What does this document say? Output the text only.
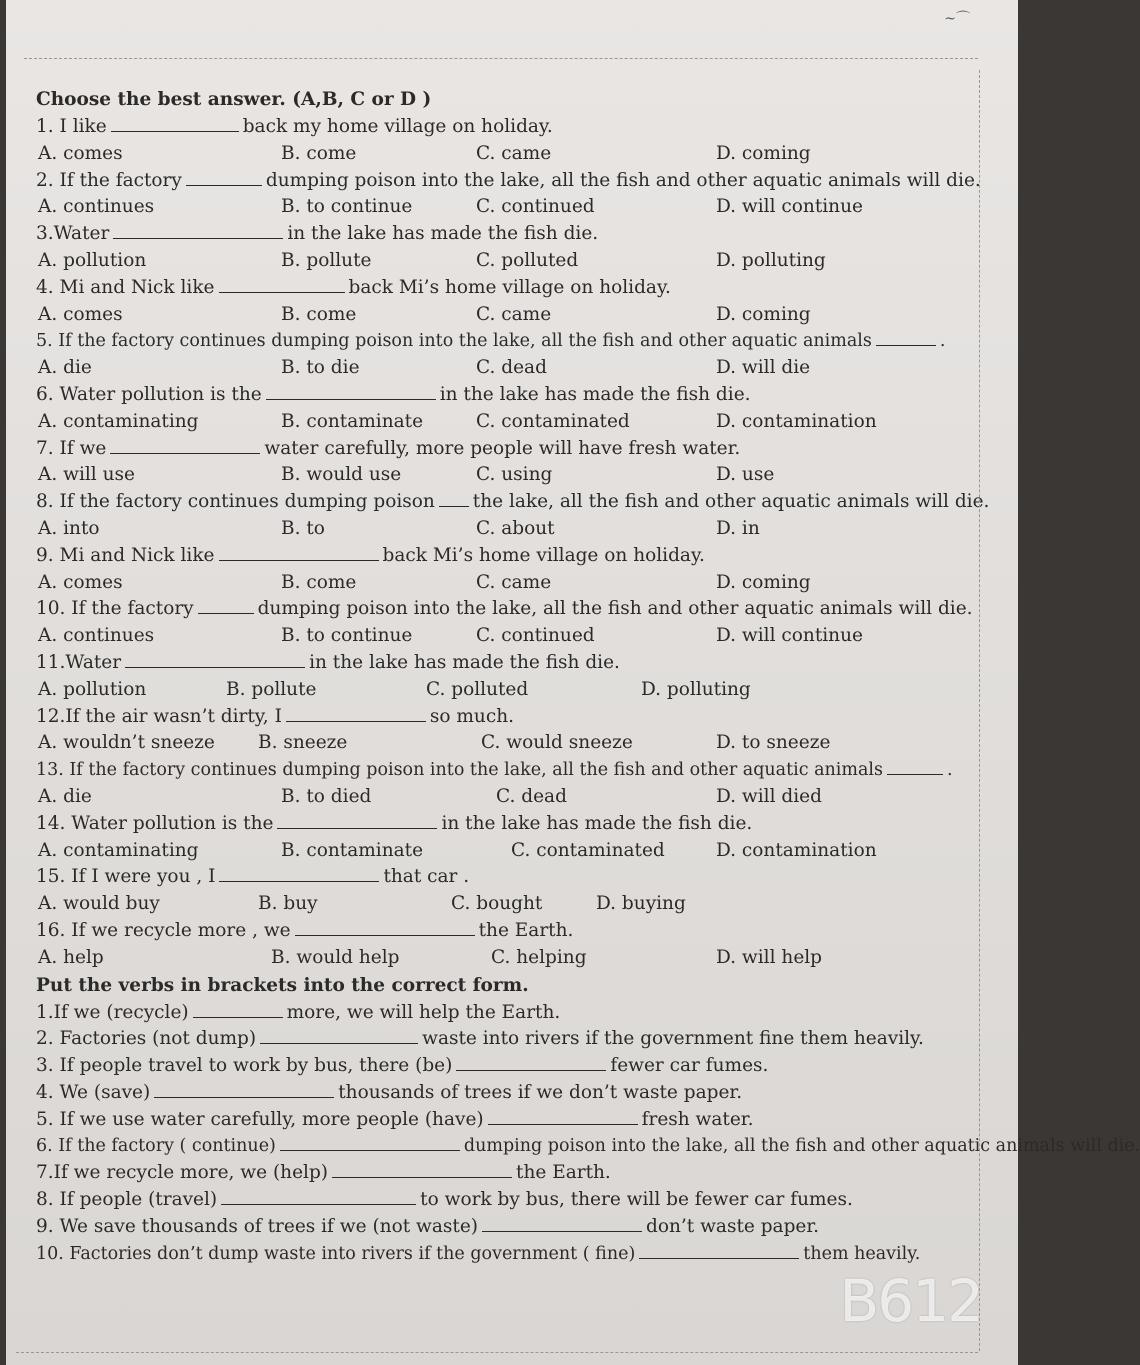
~⌒
Choose the best answer. (A,B, C or D )
1. I like	back my home village on holiday.
A. comes	B. come	C. came	D. coming
2. If the factory	dumping poison into the lake, all the fish and other aquatic animals will die.
A. continues	B. to continue	C. continued	D. will continue
3.Water	in the lake has made the fish die.
A. pollution	B. pollute	C. polluted	D. polluting
4. Mi and Nick like	back Mi’s home village on holiday.
A. comes	B. come	C. came	D. coming
5. If the factory continues dumping poison into the lake, all the fish and other aquatic animals	.
A. die	B. to die	C. dead	D. will die
6. Water pollution is the	in the lake has made the fish die.
A. contaminating	B. contaminate	C. contaminated	D. contamination
7. If we	water carefully, more people will have fresh water.
A. will use	B. would use	C. using	D. use
8. If the factory continues dumping poison the lake, all the fish and other aquatic animals will die.
A. into	B. to	C. about	D. in
9. Mi and Nick like	back Mi’s home village on holiday.
A. comes	B. come	C. came	D. coming
10. If the factory	dumping poison into the lake, all the fish and other aquatic animals will die.
A. continues	B. to continue	C. continued	D. will continue
11.Water	in the lake has made the fish die.
A. pollution	B. pollute	C. polluted	D. polluting
12.If the air wasn’t dirty, I	so much.
A. wouldn’t sneeze B. sneeze	C. would sneeze	D. to sneeze
13. If the factory continues dumping poison into the lake, all the fish and other aquatic animals	.
A. die	B. to died	C. dead	D. will died
14. Water pollution is the	in the lake has made the fish die.
A. contaminating	B. contaminate	C. contaminated	D. contamination
15. If I were you , I	that car .
A. would buy	B. buy	C. bought	D. buying
16. If we recycle more , we	the Earth.
A. help	B. would help	C. helping	D. will help
Put the verbs in brackets into the correct form.
1.If we (recycle)	more, we will help the Earth.
2. Factories (not dump)	waste into rivers if the government fine them heavily.
3. If people travel to work by bus, there (be)	fewer car fumes.
4. We (save)	thousands of trees if we don’t waste paper.
5. If we use water carefully, more people (have)	fresh water.
6. If the factory ( continue)	dumping poison into the lake, all the fish and other aquatic animals will die.
7.If we recycle more, we (help)	the Earth.
8. If people (travel)	to work by bus, there will be fewer car fumes.
9. We save thousands of trees if we (not waste)	don’t waste paper.
10. Factories don’t dump waste into rivers if the government ( fine)	them heavily.
B612
